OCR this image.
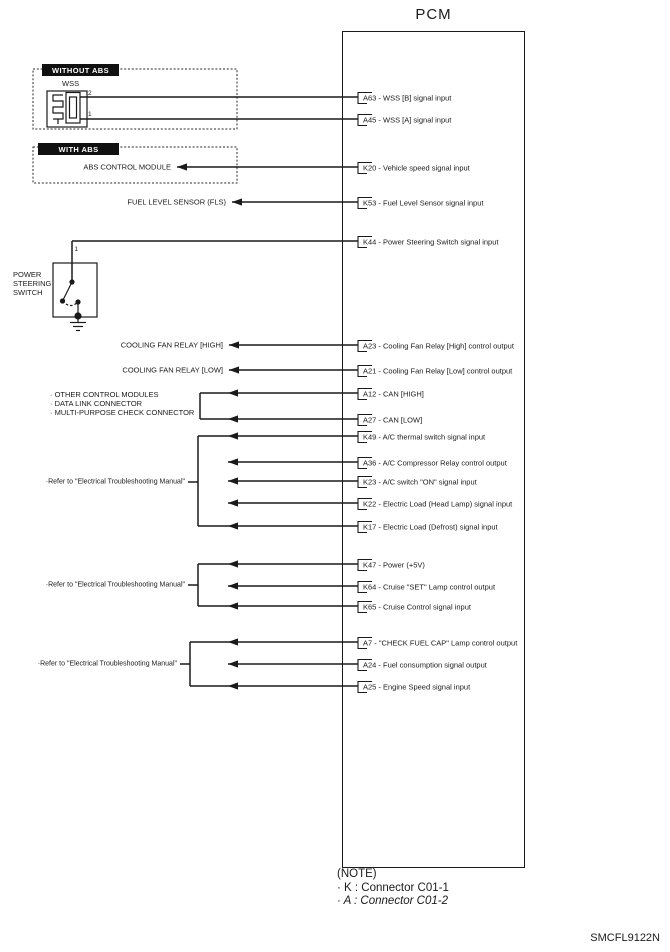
PCM
WITHOUT ABS
WITH ABS
WSS
2
1
POWER
STEERING
SWITCH
1
· OTHER CONTROL MODULES
· DATA LINK CONNECTOR
· MULTI-PURPOSE CHECK CONNECTOR
A63 - WSS [B] signal input
A45 - WSS [A] signal input
K20 - Vehicle speed signal input
K53 - Fuel Level Sensor signal input
K44 - Power Steering Switch signal input
A23 - Cooling Fan Relay [High] control output
A21 - Cooling Fan Relay [Low] control output
A12 - CAN [HIGH]
A27 - CAN [LOW]
K49 - A/C thermal switch signal input
A36 - A/C Compressor Relay control output
K23 - A/C switch "ON" signal input
K22 - Electric Load (Head Lamp) signal input
K17 - Electric Load (Defrost) signal input
K47 - Power (+5V)
K64 - Cruise "SET" Lamp control output
K65 - Cruise Control signal input
A7 - "CHECK FUEL CAP" Lamp control output
A24 - Fuel consumption signal output
A25 - Engine Speed signal input
ABS CONTROL MODULE
FUEL LEVEL SENSOR (FLS)
COOLING FAN RELAY [HIGH]
COOLING FAN RELAY [LOW]
·Refer to "Electrical Troubleshooting Manual"
·Refer to "Electrical Troubleshooting Manual"
·Refer to "Electrical Troubleshooting Manual"
(NOTE)
· K : Connector C01-1
· A : Connector C01-2
SMCFL9122N
